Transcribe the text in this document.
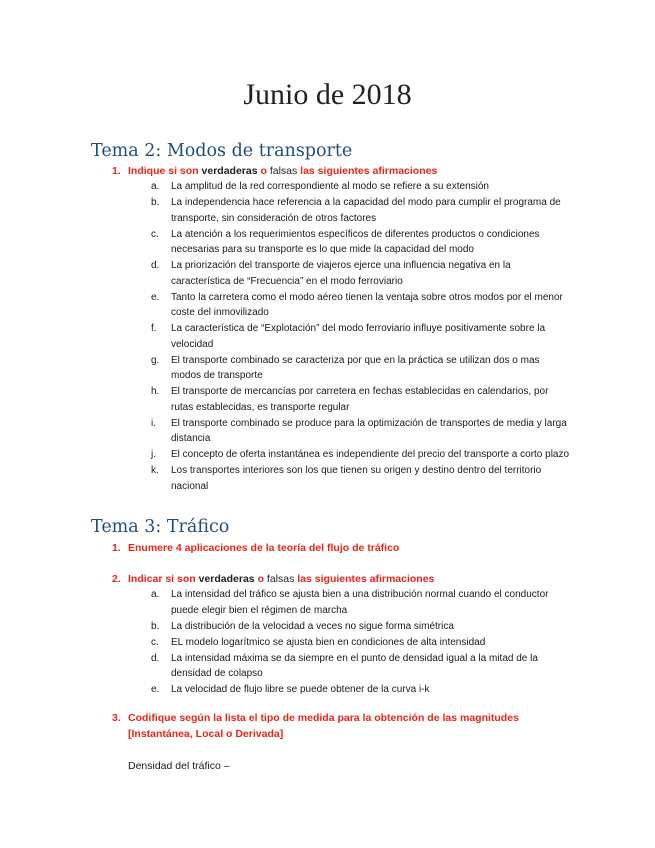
Junio de 2018
Tema 2: Modos de transporte
1. Indique si son verdaderas o falsas las siguientes afirmaciones
a. La amplitud de la red correspondiente al modo se refiere a su extensión
b. La independencia hace referencia a la capacidad del modo para cumplir el programa de transporte, sin consideración de otros factores
c. La atención a los requerimientos específicos de diferentes productos o condiciones necesarias para su transporte es lo que mide la capacidad del modo
d. La priorización del transporte de viajeros ejerce una influencia negativa en la característica de “Frecuencia” en el modo ferroviario
e. Tanto la carretera como el modo aéreo tienen la ventaja sobre otros modos por el menor coste del inmovilizado
f. La característica de “Explotación” del modo ferroviario influye positivamente sobre la velocidad
g. El transporte combinado se caracteriza por que en la práctica se utilizan dos o mas modos de transporte
h. El transporte de mercancías por carretera en fechas establecidas en calendarios, por rutas establecidas, es transporte regular
i. El transporte combinado se produce para la optimización de transportes de media y larga distancia
j. El concepto de oferta instantánea es independiente del precio del transporte a corto plazo
k. Los transportes interiores son los que tienen su origen y destino dentro del territorio nacional
Tema 3: Tráfico
1. Enumere 4 aplicaciones de la teoría del flujo de tráfico
2. Indicar si son verdaderas o falsas las siguientes afirmaciones
a. La intensidad del tráfico se ajusta bien a una distribución normal cuando el conductor puede elegir bien el régimen de marcha
b. La distribución de la velocidad a veces no sigue forma simétrica
c. EL modelo logarítmico se ajusta bien en condiciones de alta intensidad
d. La intensidad máxima se da siempre en el punto de densidad igual a la mitad de la densidad de colapso
e. La velocidad de flujo libre se puede obtener de la curva i-k
3. Codifique según la lista el tipo de medida para la obtención de las magnitudes
[Instantánea, Local o Derivada]
Densidad del tráfico –
